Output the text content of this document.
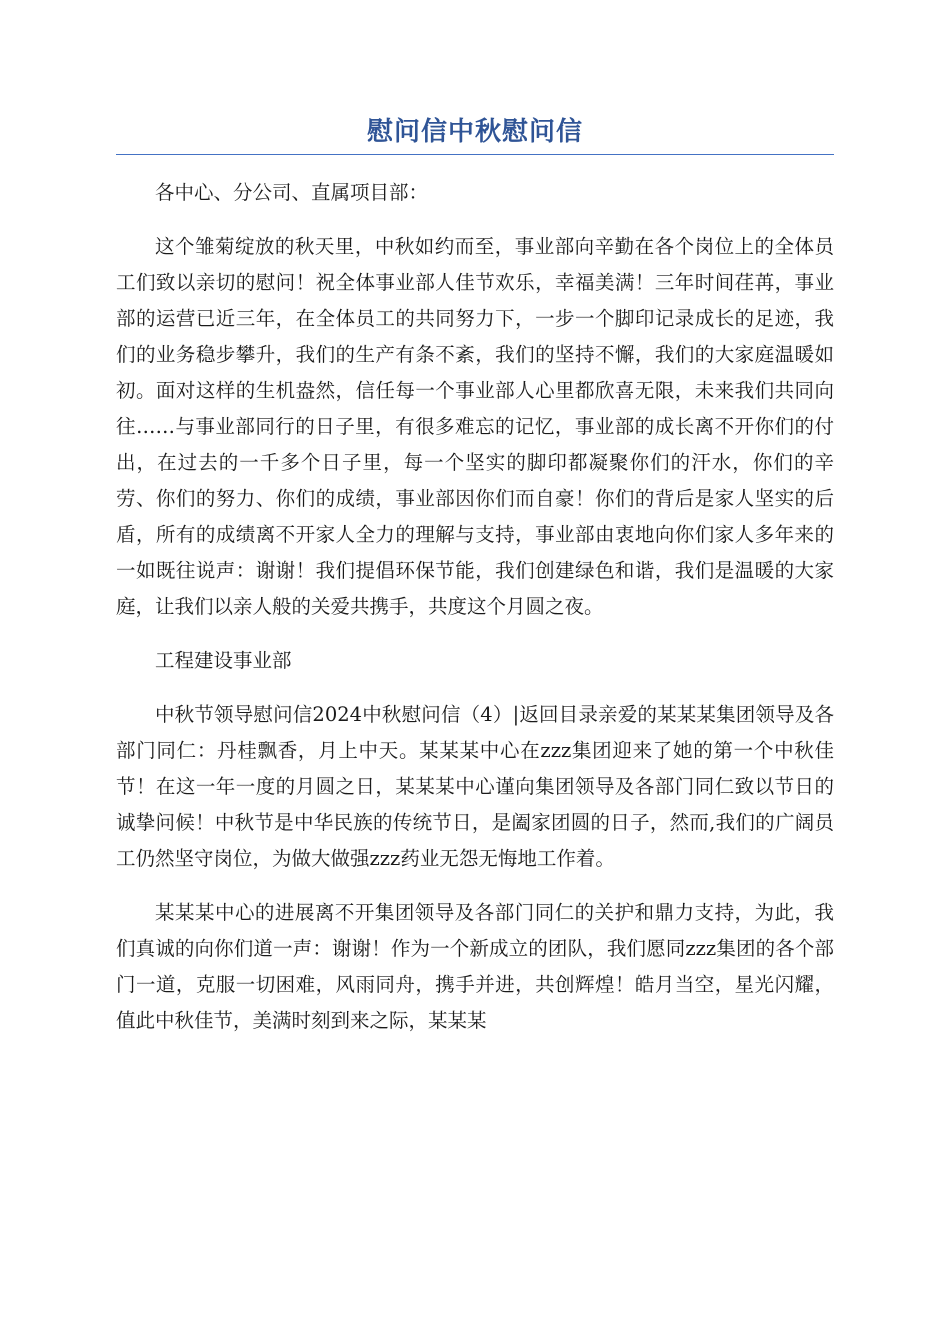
慰问信中秋慰问信

各中心、分公司、直属项目部：

这个雏菊绽放的秋天里，中秋如约而至，事业部向辛勤在各个岗位上的全体员工们致以亲切的慰问！祝全体事业部人佳节欢乐，幸福美满！三年时间荏苒，事业部的运营已近三年，在全体员工的共同努力下，一步一个脚印记录成长的足迹，我们的业务稳步攀升，我们的生产有条不紊，我们的坚持不懈，我们的大家庭温暖如初。面对这样的生机盎然，信任每一个事业部人心里都欣喜无限，未来我们共同向往……与事业部同行的日子里，有很多难忘的记忆，事业部的成长离不开你们的付出，在过去的一千多个日子里，每一个坚实的脚印都凝聚你们的汗水，你们的辛劳、你们的努力、你们的成绩，事业部因你们而自豪！你们的背后是家人坚实的后盾，所有的成绩离不开家人全力的理解与支持，事业部由衷地向你们家人多年来的一如既往说声：谢谢！我们提倡环保节能，我们创建绿色和谐，我们是温暖的大家庭，让我们以亲人般的关爱共携手，共度这个月圆之夜。

工程建设事业部

中秋节领导慰问信2024中秋慰问信（4）|返回目录亲爱的某某某集团领导及各部门同仁：丹桂飘香，月上中天。某某某中心在zzz集团迎来了她的第一个中秋佳节！在这一年一度的月圆之日，某某某中心谨向集团领导及各部门同仁致以节日的诚挚问候！中秋节是中华民族的传统节日，是阖家团圆的日子，然而,我们的广阔员工仍然坚守岗位，为做大做强zzz药业无怨无悔地工作着。

某某某中心的进展离不开集团领导及各部门同仁的关护和鼎力支持，为此，我们真诚的向你们道一声：谢谢！作为一个新成立的团队，我们愿同zzz集团的各个部门一道，克服一切困难，风雨同舟，携手并进，共创辉煌！皓月当空，星光闪耀，值此中秋佳节，美满时刻到来之际，某某某
